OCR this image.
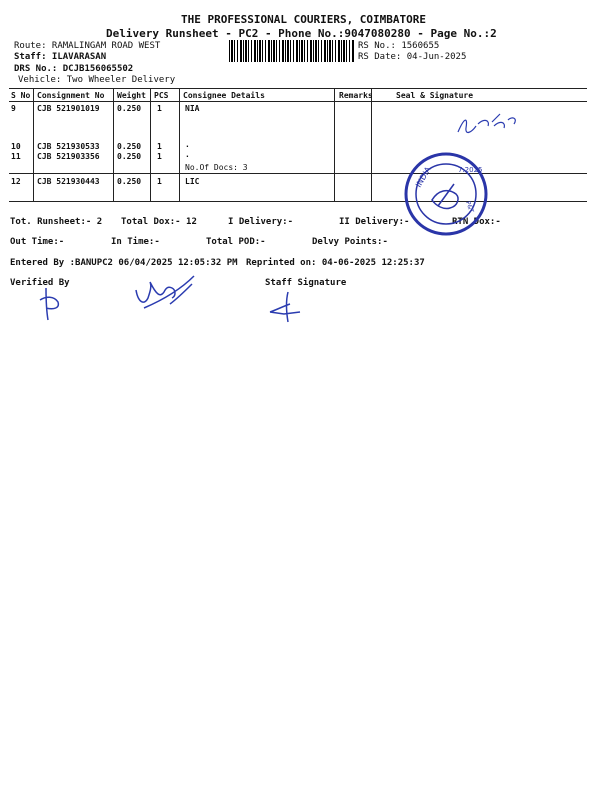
THE PROFESSIONAL COURIERS, COIMBATORE
Delivery Runsheet - PC2 - Phone No.:9047080280 - Page No.:2
Route: RAMALINGAM ROAD WEST
Staff: ILAVARASAN
DRS No.: DCJB156065502
Vehicle: Two Wheeler Delivery
RS No.: 1560655
RS Date: 04-Jun-2025
S No Consignment No Weight PCS Consignee Details	Remarks	Seal & Signature
9	CJB 521901019 0.250 1	NIA
10 CJB 521930533 0.250 1	.
11 CJB 521903356 0.250 1	.
No.Of Docs: 3
12 CJB 521930443 0.250 1	LIC
Tot. Runsheet:- 2 Total Dox:- 12	I Delivery:-	II Delivery:-	RTN Dox:-
Out Time:-	In Time:-	Total POD:-	Delvy Points:-
Entered By :BANUPC2 06/04/2025 12:05:32 PM Reprinted on: 04-06-2025 12:25:37
Verified By	Staff Signature
INDIA	7.2025
P&T
